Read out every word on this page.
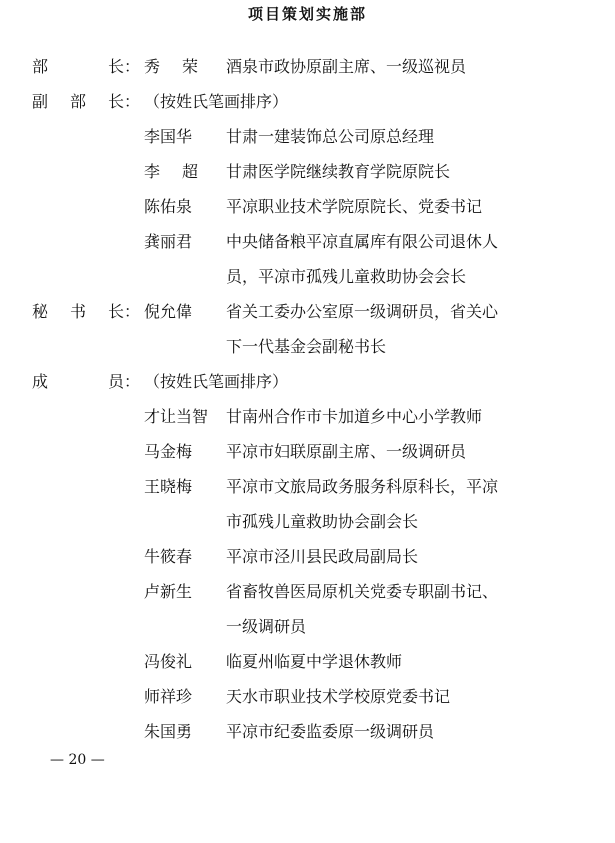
项目策划实施部
部	长 ： 秀 荣 酒泉市政协原副主席、一级巡视员
副 部 长 ： （按姓氏笔画排序）
李国华	甘肃一建装饰总公司原总经理
李 超 甘肃医学院继续教育学院原院长
陈佑泉	平凉职业技术学院原院长、党委书记
龚丽君	中央储备粮平凉直属库有限公司退休人
员，平凉市孤残儿童救助协会会长
秘 书 长 ： 倪允偉	省关工委办公室原一级调研员，省关心
下一代基金会副秘书长
成	员 ： （按姓氏笔画排序）
才让当智	甘南州合作市卡加道乡中心小学教师
马金梅	平凉市妇联原副主席、一级调研员
王晓梅	平凉市文旅局政务服务科原科长，平凉
市孤残儿童救助协会副会长
牛筱春	平凉市泾川县民政局副局长
卢新生	省畜牧兽医局原机关党委专职副书记、
一级调研员
冯俊礼	临夏州临夏中学退休教师
师祥珍	天水市职业技术学校原党委书记
朱国勇	平凉市纪委监委原一级调研员
— 20 —
